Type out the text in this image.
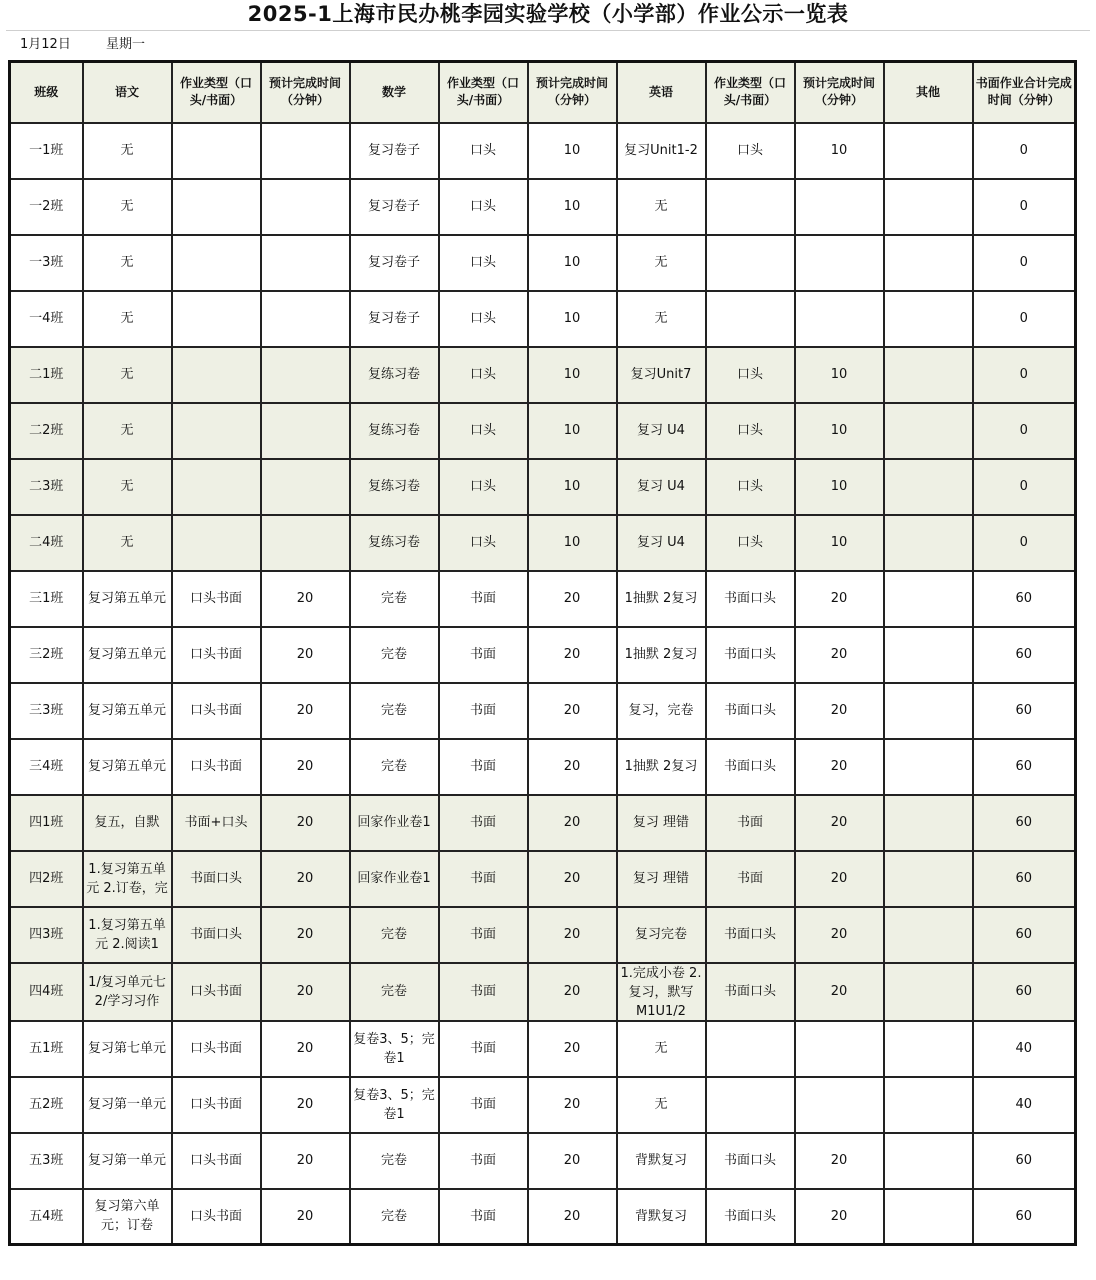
2025-1上海市民办桃李园实验学校（小学部）作业公示一览表
1月12日	星期一
班级	语文	作业类型（口头/书面）	预计完成时间（分钟）	数学	作业类型（口头/书面）	预计完成时间（分钟）	英语	作业类型（口头/书面）	预计完成时间（分钟）	其他	书面作业合计完成时间（分钟）

一1班	无			复习卷子	口头	10	复习Unit1-2	口头	10		0

一2班	无			复习卷子	口头	10	无				0

一3班	无			复习卷子	口头	10	无				0

一4班	无			复习卷子	口头	10	无				0

二1班	无			复练习卷	口头	10	复习Unit7	口头	10		0

二2班	无			复练习卷	口头	10	复习 U4	口头	10		0

二3班	无			复练习卷	口头	10	复习 U4	口头	10		0

二4班	无			复练习卷	口头	10	复习 U4	口头	10		0

三1班	复习第五单元	口头书面	20	完卷	书面	20	1抽默 2复习	书面口头	20		60

三2班	复习第五单元	口头书面	20	完卷	书面	20	1抽默 2复习	书面口头	20		60

三3班	复习第五单元	口头书面	20	完卷	书面	20	复习，完卷	书面口头	20		60

三4班	复习第五单元	口头书面	20	完卷	书面	20	1抽默 2复习	书面口头	20		60

四1班	复五，自默	书面+口头	20	回家作业卷1	书面	20	复习 理错	书面	20		60

四2班	1.复习第五单元 2.订卷，完	书面口头	20	回家作业卷1	书面	20	复习 理错	书面	20		60

四3班	1.复习第五单元 2.阅读1	书面口头	20	完卷	书面	20	复习完卷	书面口头	20		60

四4班	1/复习单元七 2/学习习作	口头书面	20	完卷	书面	20	1.完成小卷 2.复习，默写M1U1/2	书面口头	20		60

五1班	复习第七单元	口头书面	20	复卷3、5；完卷1	书面	20	无				40

五2班	复习第一单元	口头书面	20	复卷3、5；完卷1	书面	20	无				40

五3班	复习第一单元	口头书面	20	完卷	书面	20	背默复习	书面口头	20		60

五4班	复习第六单元；订卷	口头书面	20	完卷	书面	20	背默复习	书面口头	20		60
